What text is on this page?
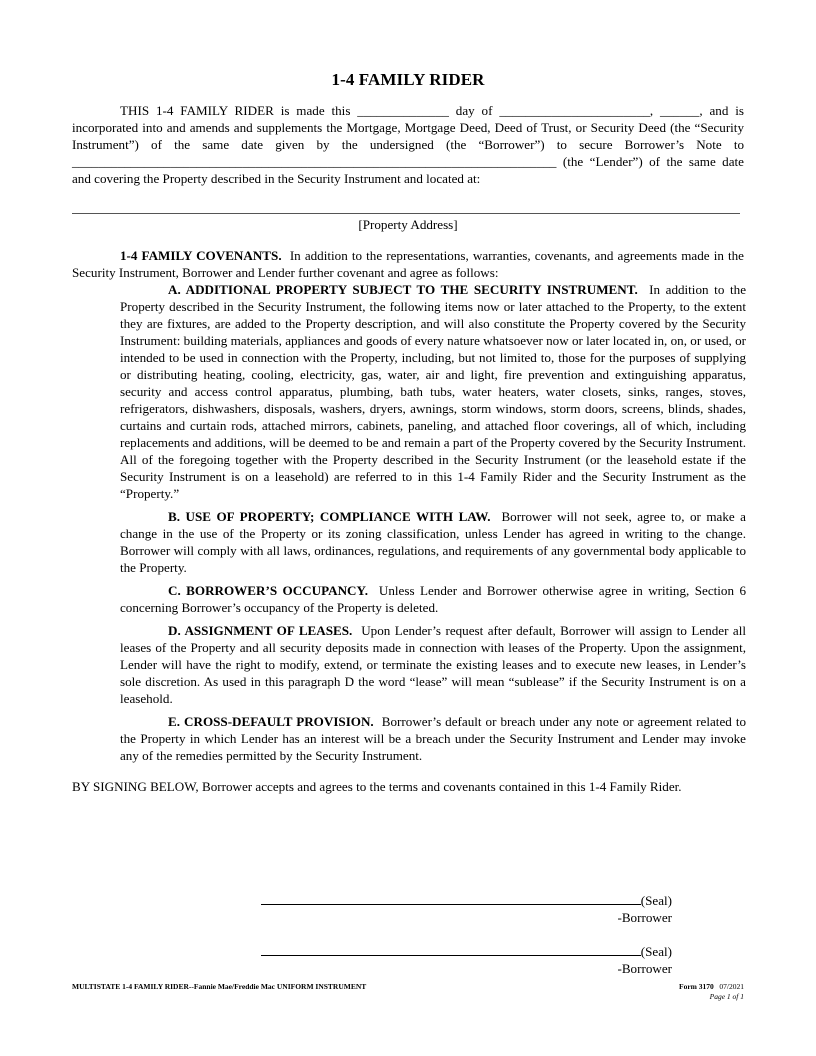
1-4 FAMILY RIDER

THIS 1-4 FAMILY RIDER is made this ______________ day of _______________________, ______, and is incorporated into and amends and supplements the Mortgage, Mortgage Deed, Deed of Trust, or Security Deed (the “Security Instrument”) of the same date given by the undersigned (the “Borrower”) to secure Borrower’s Note to __________________________________________________________________________ (the “Lender”) of the same date and covering the Property described in the Security Instrument and located at:

[Property Address]

1-4 FAMILY COVENANTS. In addition to the representations, warranties, covenants, and agreements made in the Security Instrument, Borrower and Lender further covenant and agree as follows:

A. ADDITIONAL PROPERTY SUBJECT TO THE SECURITY INSTRUMENT. In addition to the Property described in the Security Instrument, the following items now or later attached to the Property, to the extent they are fixtures, are added to the Property description, and will also constitute the Property covered by the Security Instrument: building materials, appliances and goods of every nature whatsoever now or later located in, on, or used, or intended to be used in connection with the Property, including, but not limited to, those for the purposes of supplying or distributing heating, cooling, electricity, gas, water, air and light, fire prevention and extinguishing apparatus, security and access control apparatus, plumbing, bath tubs, water heaters, water closets, sinks, ranges, stoves, refrigerators, dishwashers, disposals, washers, dryers, awnings, storm windows, storm doors, screens, blinds, shades, curtains and curtain rods, attached mirrors, cabinets, paneling, and attached floor coverings, all of which, including replacements and additions, will be deemed to be and remain a part of the Property covered by the Security Instrument. All of the foregoing together with the Property described in the Security Instrument (or the leasehold estate if the Security Instrument is on a leasehold) are referred to in this 1-4 Family Rider and the Security Instrument as the “Property.”

B. USE OF PROPERTY; COMPLIANCE WITH LAW. Borrower will not seek, agree to, or make a change in the use of the Property or its zoning classification, unless Lender has agreed in writing to the change. Borrower will comply with all laws, ordinances, regulations, and requirements of any governmental body applicable to the Property.

C. BORROWER’S OCCUPANCY. Unless Lender and Borrower otherwise agree in writing, Section 6 concerning Borrower’s occupancy of the Property is deleted.

D. ASSIGNMENT OF LEASES. Upon Lender’s request after default, Borrower will assign to Lender all leases of the Property and all security deposits made in connection with leases of the Property. Upon the assignment, Lender will have the right to modify, extend, or terminate the existing leases and to execute new leases, in Lender’s sole discretion. As used in this paragraph D the word “lease” will mean “sublease” if the Security Instrument is on a leasehold.

E. CROSS-DEFAULT PROVISION. Borrower’s default or breach under any note or agreement related to the Property in which Lender has an interest will be a breach under the Security Instrument and Lender may invoke any of the remedies permitted by the Security Instrument.

BY SIGNING BELOW, Borrower accepts and agrees to the terms and covenants contained in this 1-4 Family Rider.

(Seal)
-Borrower
(Seal)
-Borrower
MULTISTATE 1-4 FAMILY RIDER--Fannie Mae/Freddie Mac UNIFORM INSTRUMENT	Form 3170 07/2021
Page 1 of 1
